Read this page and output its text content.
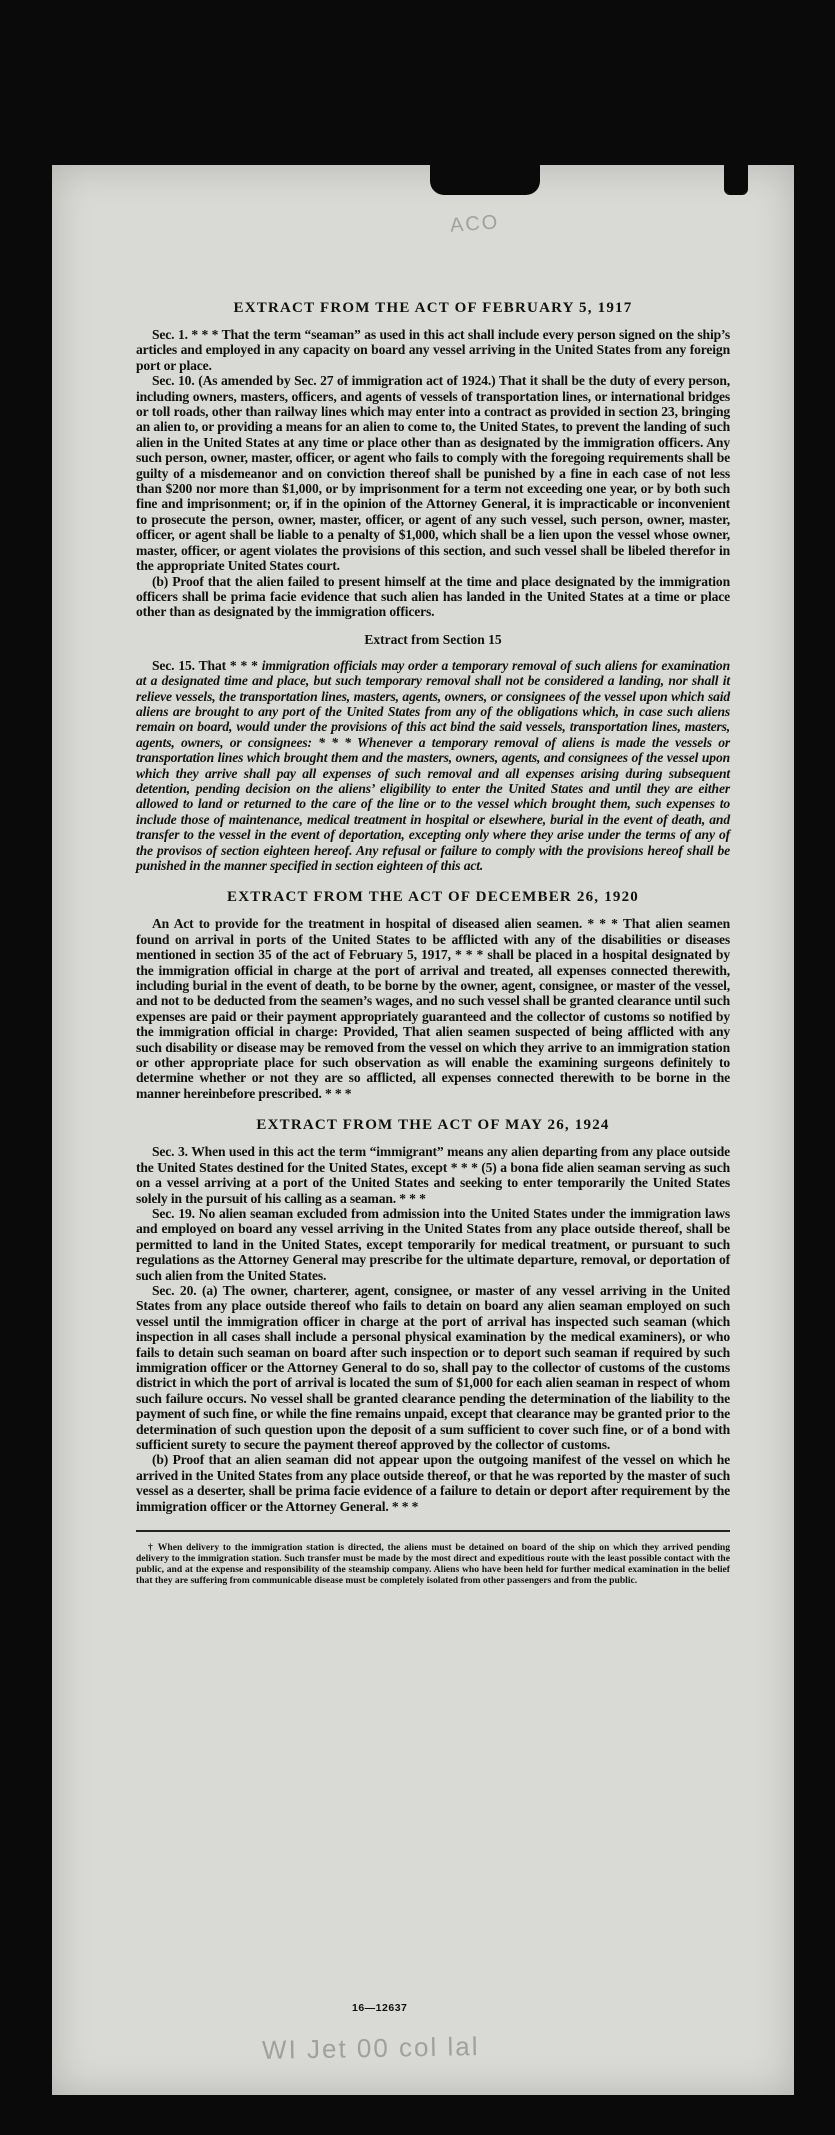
ACO
EXTRACT FROM THE ACT OF FEBRUARY 5, 1917

Sec. 1. * * * That the term “seaman” as used in this act shall include every person signed on the ship’s articles and employed in any capacity on board any vessel arriving in the United States from any foreign port or place.

Sec. 10. (As amended by Sec. 27 of immigration act of 1924.) That it shall be the duty of every person, including owners, masters, officers, and agents of vessels of transportation lines, or international bridges or toll roads, other than railway lines which may enter into a contract as provided in section 23, bringing an alien to, or providing a means for an alien to come to, the United States, to prevent the landing of such alien in the United States at any time or place other than as designated by the immigration officers. Any such person, owner, master, officer, or agent who fails to comply with the foregoing requirements shall be guilty of a misdemeanor and on conviction thereof shall be punished by a fine in each case of not less than $200 nor more than $1,000, or by imprisonment for a term not exceeding one year, or by both such fine and imprisonment; or, if in the opinion of the Attorney General, it is impracticable or inconvenient to prosecute the person, owner, master, officer, or agent of any such vessel, such person, owner, master, officer, or agent shall be liable to a penalty of $1,000, which shall be a lien upon the vessel whose owner, master, officer, or agent violates the provisions of this section, and such vessel shall be libeled therefor in the appropriate United States court.

(b) Proof that the alien failed to present himself at the time and place designated by the immigration officers shall be prima facie evidence that such alien has landed in the United States at a time or place other than as designated by the immigration officers.

Extract from Section 15

Sec. 15. That * * * immigration officials may order a temporary removal of such aliens for examination at a designated time and place, but such temporary removal shall not be considered a landing, nor shall it relieve vessels, the transportation lines, masters, agents, owners, or consignees of the vessel upon which said aliens are brought to any port of the United States from any of the obligations which, in case such aliens remain on board, would under the provisions of this act bind the said vessels, transportation lines, masters, agents, owners, or consignees: * * * Whenever a temporary removal of aliens is made the vessels or transportation lines which brought them and the masters, owners, agents, and consignees of the vessel upon which they arrive shall pay all expenses of such removal and all expenses arising during subsequent detention, pending decision on the aliens’ eligibility to enter the United States and until they are either allowed to land or returned to the care of the line or to the vessel which brought them, such expenses to include those of maintenance, medical treatment in hospital or elsewhere, burial in the event of death, and transfer to the vessel in the event of deportation, excepting only where they arise under the terms of any of the provisos of section eighteen hereof. Any refusal or failure to comply with the provisions hereof shall be punished in the manner specified in section eighteen of this act.

EXTRACT FROM THE ACT OF DECEMBER 26, 1920

An Act to provide for the treatment in hospital of diseased alien seamen. * * * That alien seamen found on arrival in ports of the United States to be afflicted with any of the disabilities or diseases mentioned in section 35 of the act of February 5, 1917, * * * shall be placed in a hospital designated by the immigration official in charge at the port of arrival and treated, all expenses connected therewith, including burial in the event of death, to be borne by the owner, agent, consignee, or master of the vessel, and not to be deducted from the seamen’s wages, and no such vessel shall be granted clearance until such expenses are paid or their payment appropriately guaranteed and the collector of customs so notified by the immigration official in charge: Provided, That alien seamen suspected of being afflicted with any such disability or disease may be removed from the vessel on which they arrive to an immigration station or other appropriate place for such observation as will enable the examining surgeons definitely to determine whether or not they are so afflicted, all expenses connected therewith to be borne in the manner hereinbefore prescribed. * * *

EXTRACT FROM THE ACT OF MAY 26, 1924

Sec. 3. When used in this act the term “immigrant” means any alien departing from any place outside the United States destined for the United States, except * * * (5) a bona fide alien seaman serving as such on a vessel arriving at a port of the United States and seeking to enter temporarily the United States solely in the pursuit of his calling as a seaman. * * *

Sec. 19. No alien seaman excluded from admission into the United States under the immigration laws and employed on board any vessel arriving in the United States from any place outside thereof, shall be permitted to land in the United States, except temporarily for medical treatment, or pursuant to such regulations as the Attorney General may prescribe for the ultimate departure, removal, or deportation of such alien from the United States.

Sec. 20. (a) The owner, charterer, agent, consignee, or master of any vessel arriving in the United States from any place outside thereof who fails to detain on board any alien seaman employed on such vessel until the immigration officer in charge at the port of arrival has inspected such seaman (which inspection in all cases shall include a personal physical examination by the medical examiners), or who fails to detain such seaman on board after such inspection or to deport such seaman if required by such immigration officer or the Attorney General to do so, shall pay to the collector of customs of the customs district in which the port of arrival is located the sum of $1,000 for each alien seaman in respect of whom such failure occurs. No vessel shall be granted clearance pending the determination of the liability to the payment of such fine, or while the fine remains unpaid, except that clearance may be granted prior to the determination of such question upon the deposit of a sum sufficient to cover such fine, or of a bond with sufficient surety to secure the payment thereof approved by the collector of customs.

(b) Proof that an alien seaman did not appear upon the outgoing manifest of the vessel on which he arrived in the United States from any place outside thereof, or that he was reported by the master of such vessel as a deserter, shall be prima facie evidence of a failure to detain or deport after requirement by the immigration officer or the Attorney General. * * *

† When delivery to the immigration station is directed, the aliens must be detained on board of the ship on which they arrived pending delivery to the immigration station. Such transfer must be made by the most direct and expeditious route with the least possible contact with the public, and at the expense and responsibility of the steamship company. Aliens who have been held for further medical examination in the belief that they are suffering from communicable disease must be completely isolated from other passengers and from the public.

16—12637
WI Jet 00 col lal
